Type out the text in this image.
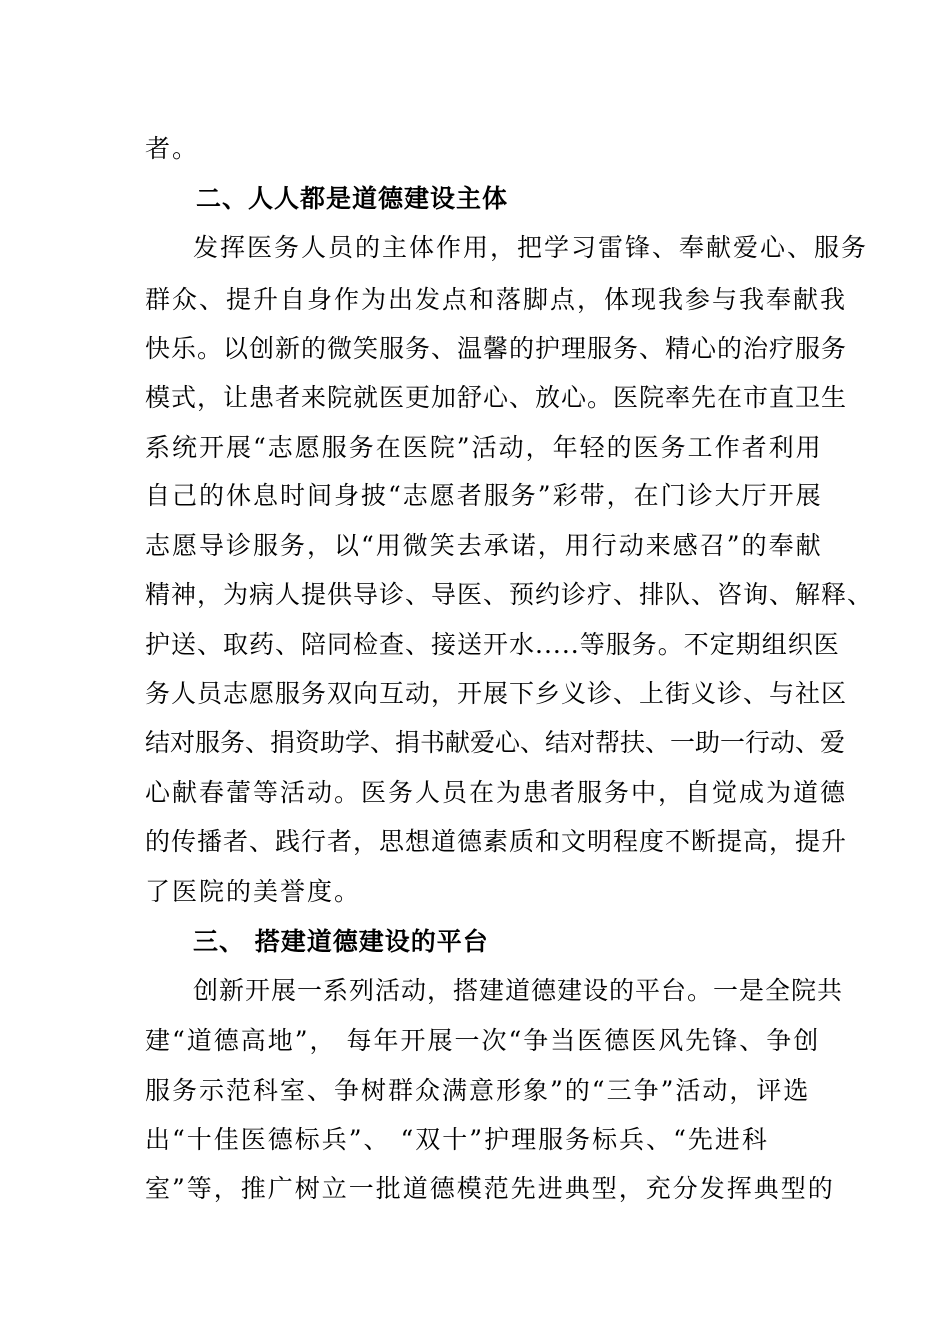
者。
二、人人都是道德建设主体
发挥医务人员的主体作用，把学习雷锋、奉献爱心、服务
群众、提升自身作为出发点和落脚点，体现我参与我奉献我
快乐。以创新的微笑服务、温馨的护理服务、精心的治疗服务
模式，让患者来院就医更加舒心、放心。医院率先在市直卫生
系统开展“志愿服务在医院”活动，年轻的医务工作者利用
自己的休息时间身披“志愿者服务”彩带，在门诊大厅开展
志愿导诊服务，以“用微笑去承诺，用行动来感召”的奉献
精神，为病人提供导诊、导医、预约诊疗、排队、咨询、解释、
护送、取药、陪同检查、接送开水.....等服务。不定期组织医
务人员志愿服务双向互动，开展下乡义诊、上街义诊、与社区
结对服务、捐资助学、捐书献爱心、结对帮扶、一助一行动、爱
心献春蕾等活动。医务人员在为患者服务中，自觉成为道德
的传播者、践行者，思想道德素质和文明程度不断提高，提升
了医院的美誉度。
三、 搭建道德建设的平台
创新开展一系列活动，搭建道德建设的平台。一是全院共
建“道德高地”， 每年开展一次“争当医德医风先锋、争创
服务示范科室、争树群众满意形象”的“三争”活动，评选
出“十佳医德标兵”、 “双十”护理服务标兵、“先进科
室”等，推广树立一批道德模范先进典型，充分发挥典型的
